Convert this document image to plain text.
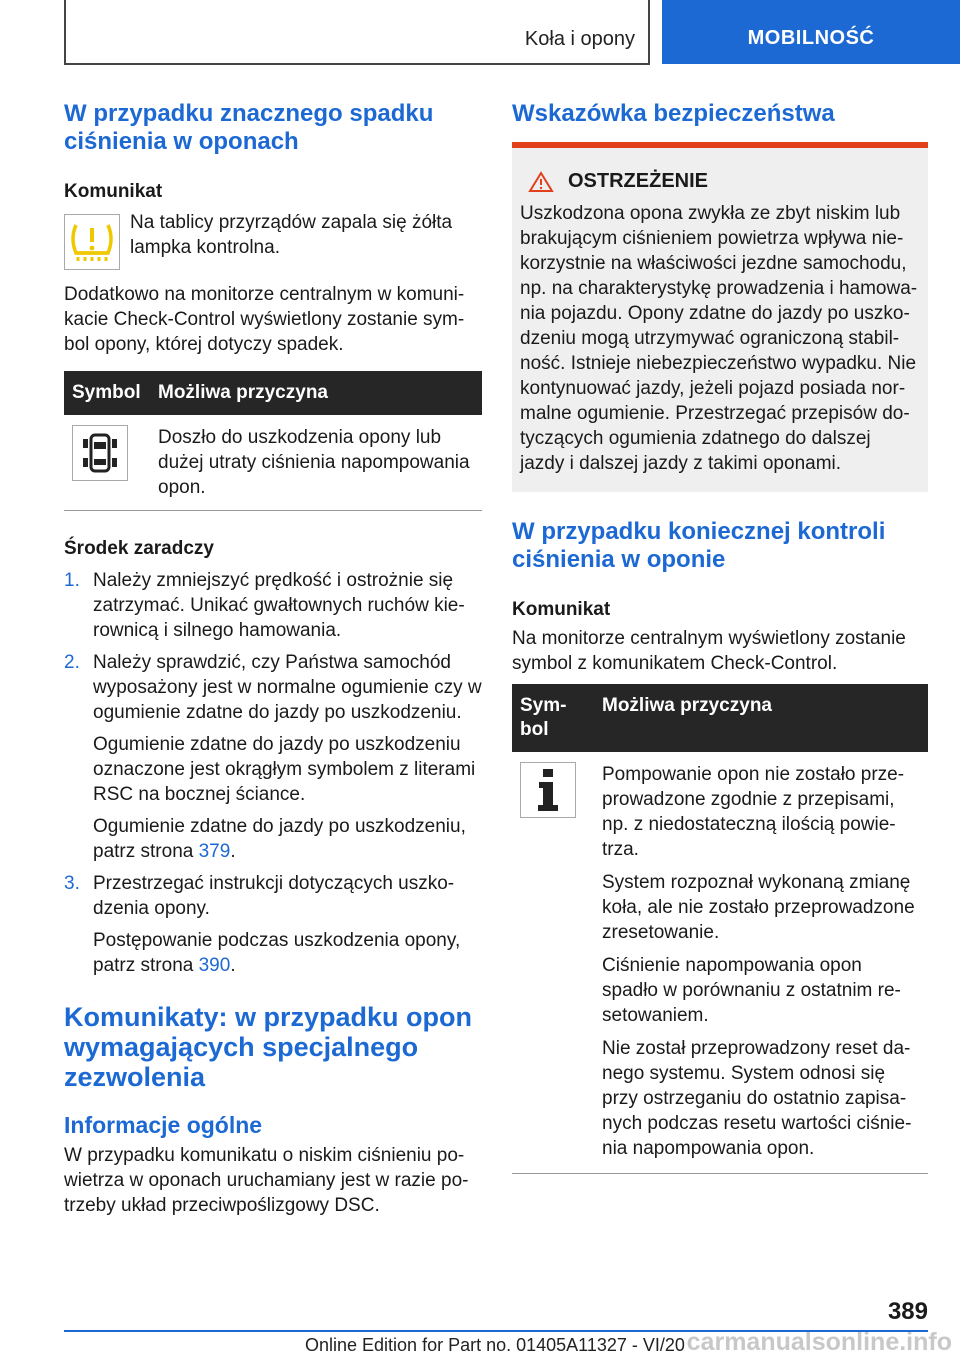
Koła i opony	MOBILNOŚĆ
W przypadku znacznego spadku ciśnienia w oponach
Komunikat

Na tablicy przyrządów zapala się żółta lampka kontrolna.

Dodatkowo na monitorze centralnym w komunikacie Check-Control wyświetlony zostanie symbol opony, której dotyczy spadek.

Symbol	Możliwa przyczyna

	Doszło do uszkodzenia opony lub dużej utraty ciśnienia napompowania opon.
Środek zaradczy
1. Należy zmniejszyć prędkość i ostrożnie się zatrzymać. Unikać gwałtownych ruchów kierownicą i silnego hamowania.

2. Należy sprawdzić, czy Państwa samochód wyposażony jest w normalne ogumienie czy w ogumienie zdatne do jazdy po uszkodzeniu.

Ogumienie zdatne do jazdy po uszkodzeniu oznaczone jest okrągłym symbolem z literami RSC na bocznej ściance.

Ogumienie zdatne do jazdy po uszkodzeniu, patrz strona 379.

3. Przestrzegać instrukcji dotyczących uszkodzenia opony.

Postępowanie podczas uszkodzenia opony, patrz strona 390.

Komunikaty: w przypadku opon wymagających specjalnego zezwolenia
Informacje ogólne

W przypadku komunikatu o niskim ciśnieniu powietrza w oponach uruchamiany jest w razie potrzeby układ przeciwpoślizgowy DSC.

Wskazówka bezpieczeństwa
OSTRZEŻENIE

Uszkodzona opona zwykła ze zbyt niskim lub brakującym ciśnieniem powietrza wpływa niekorzystnie na właściwości jezdne samochodu, np. na charakterystykę prowadzenia i hamowania pojazdu. Opony zdatne do jazdy po uszkodzeniu mogą utrzymywać ograniczoną stabilność. Istnieje niebezpieczeństwo wypadku. Nie kontynuować jazdy, jeżeli pojazd posiada normalne ogumienie. Przestrzegać przepisów dotyczących ogumienia zdatnego do dalszej jazdy i dalszej jazdy z takimi oponami.

W przypadku koniecznej kontroli ciśnienia w oponie
Komunikat

Na monitorze centralnym wyświetlony zostanie symbol z komunikatem Check-Control.

Symbol	Możliwa przyczyna

Pompowanie opon nie zostało przeprowadzone zgodnie z przepisami, np. z niedostateczną ilością powietrza.

System rozpoznał wykonaną zmianę koła, ale nie zostało przeprowadzone zresetowanie.

Ciśnienie napompowania opon spadło w porównaniu z ostatnim resetowaniem.

Nie został przeprowadzony reset danego systemu. System odnosi się przy ostrzeganiu do ostatnio zapisanych podczas resetu wartości ciśnienia napompowania opon.

389
Online Edition for Part no. 01405A11327 - VI/20 carmanualsonline.info
